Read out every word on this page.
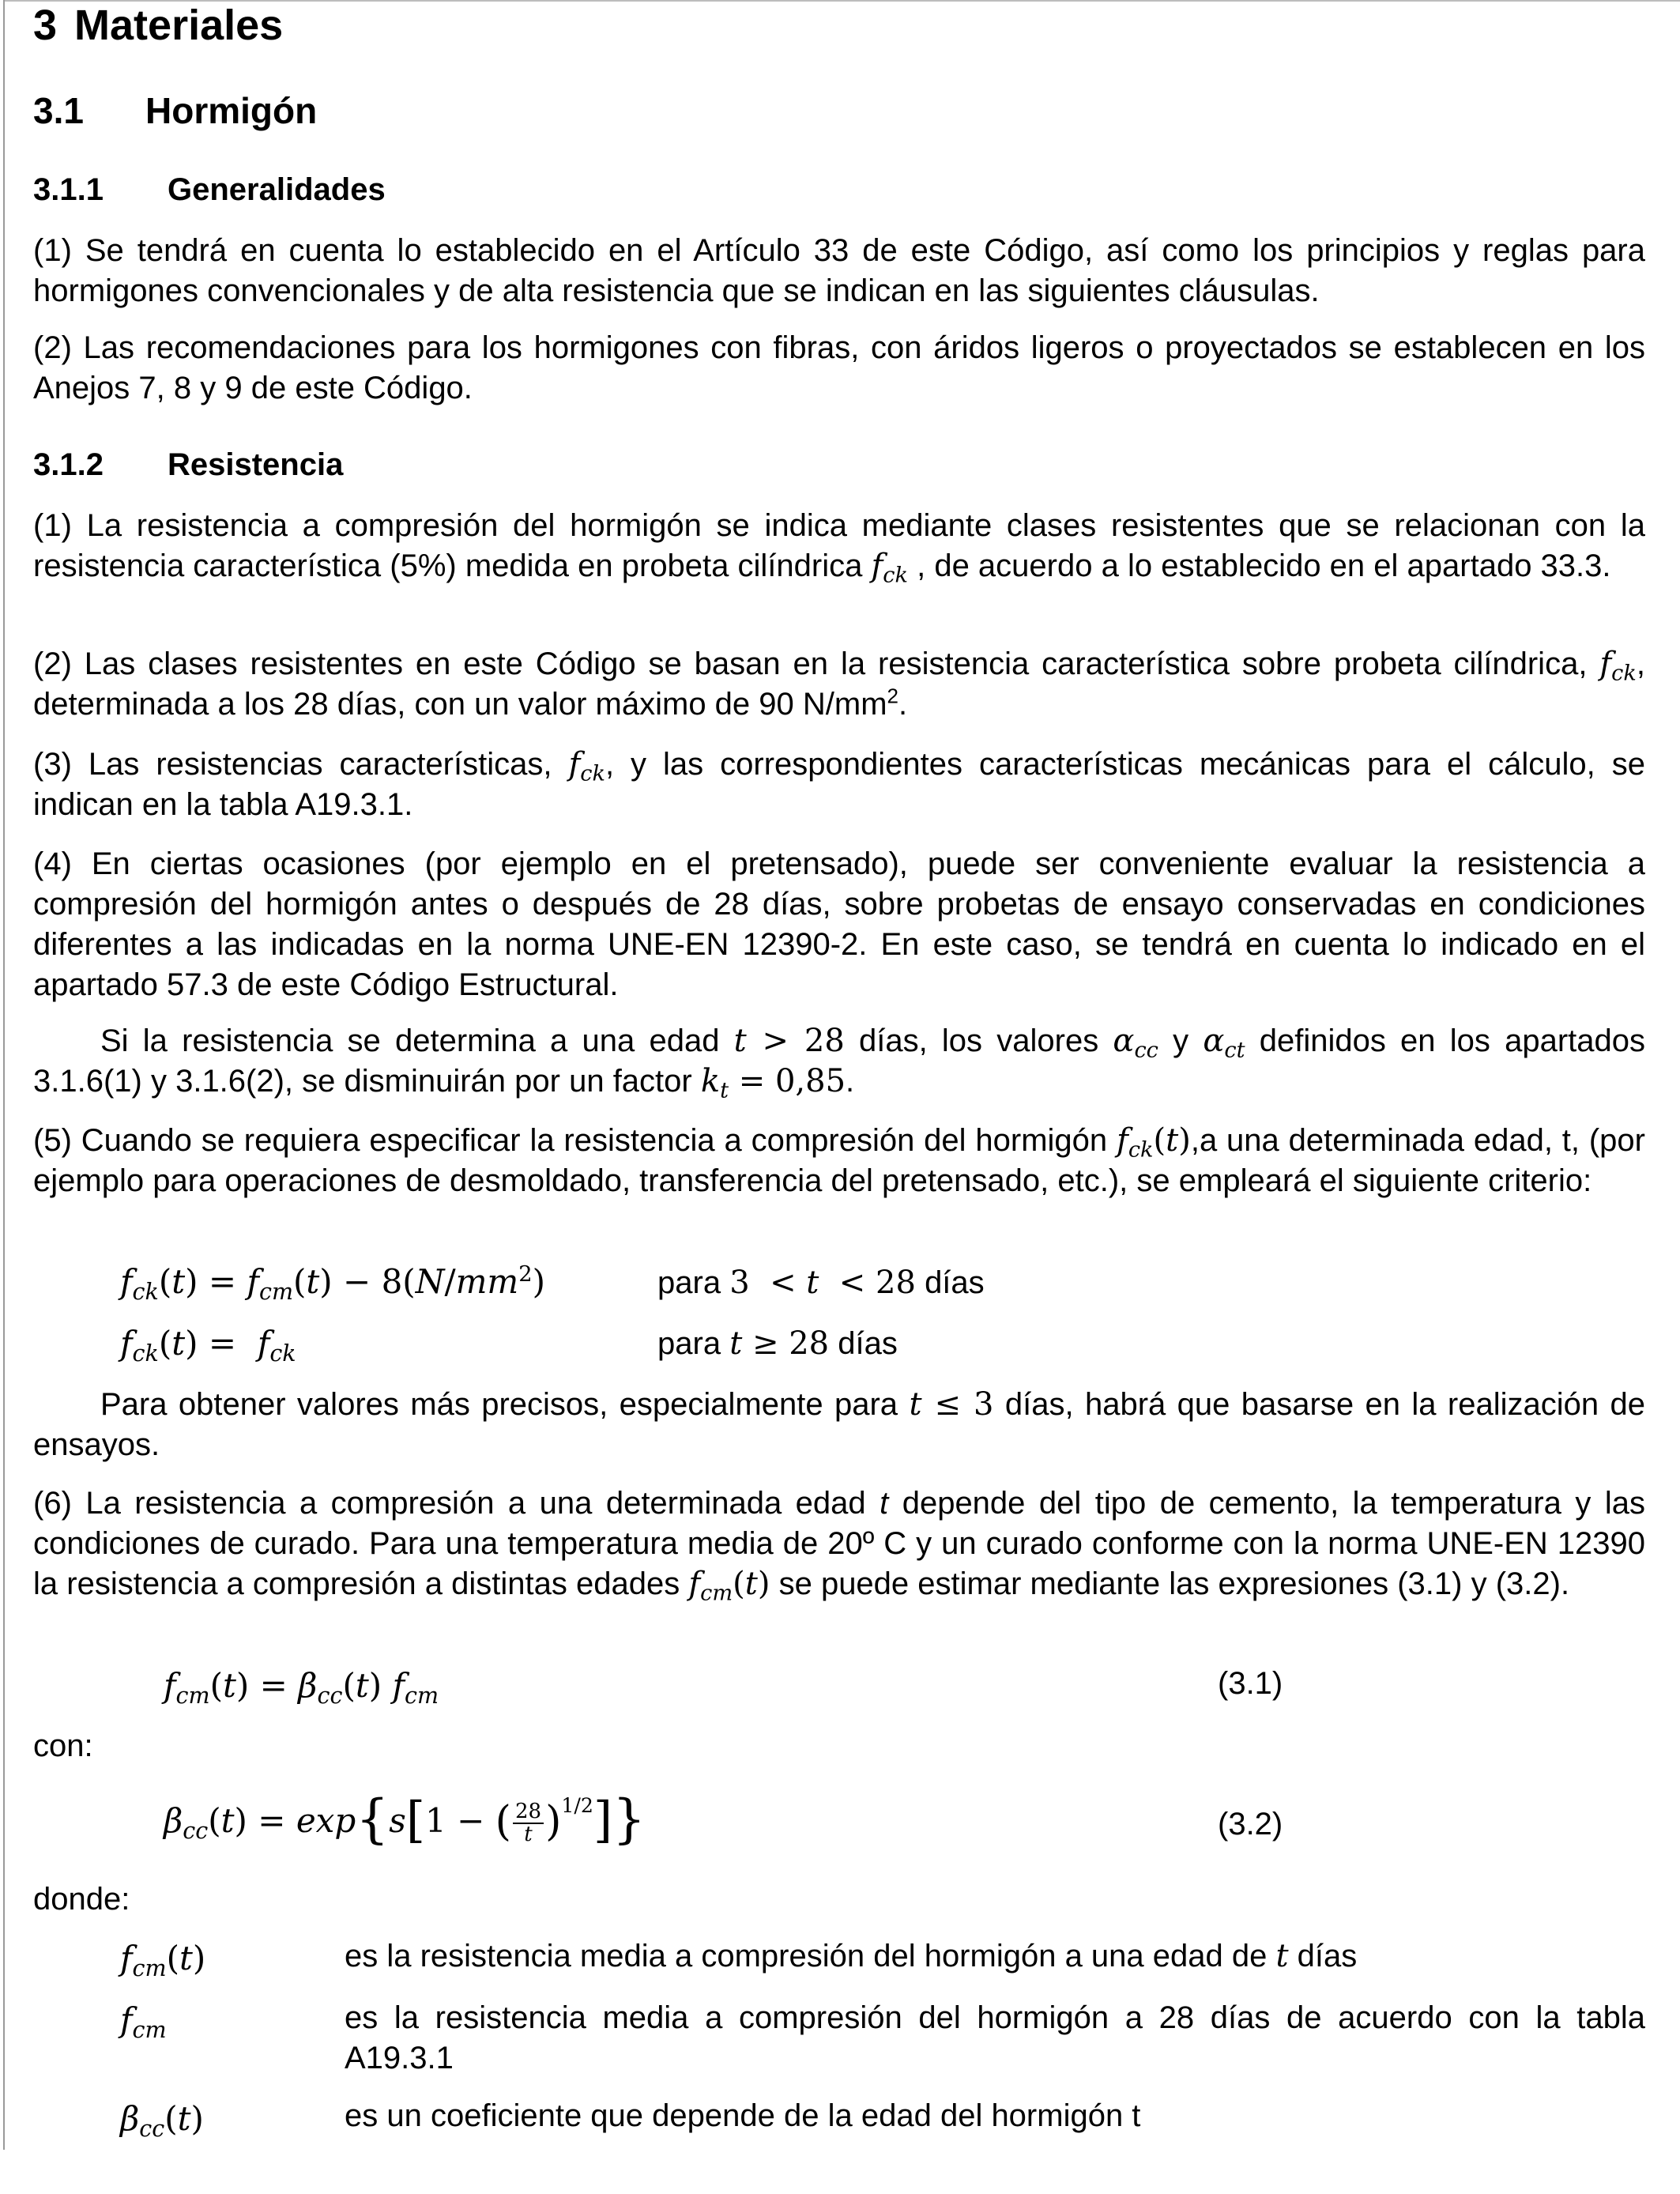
3 Materiales
3.1 Hormigón
3.1.1 Generalidades
(1) Se tendrá en cuenta lo establecido en el Artículo 33 de este Código, así como los principios y reglas para hormigones convencionales y de alta resistencia que se indican en las siguientes cláusulas.
(2) Las recomendaciones para los hormigones con fibras, con áridos ligeros o proyectados se establecen en los Anejos 7, 8 y 9 de este Código.
3.1.2 Resistencia
(1) La resistencia a compresión del hormigón se indica mediante clases resistentes que se relacionan con la resistencia característica (5%) medida en probeta cilíndrica $f_{ck}$ , de acuerdo a lo establecido en el apartado 33.3.
(2) Las clases resistentes en este Código se basan en la resistencia característica sobre probeta cilíndrica, $f_{ck}$, determinada a los 28 días, con un valor máximo de 90 $N/mm^2$.
(3) Las resistencias características, $f_{ck}$, y las correspondientes características mecánicas para el cálculo, se indican en la tabla A19.3.1.
(4) En ciertas ocasiones (por ejemplo en el pretensado), puede ser conveniente evaluar la resistencia a compresión del hormigón antes o después de 28 días, sobre probetas de ensayo conservadas en condiciones diferentes a las indicadas en la norma UNE-EN 12390-2. En este caso, se tendrá en cuenta lo indicado en el apartado 57.3 de este Código Estructural.
Si la resistencia se determina a una edad t > 28 días, los valores $\alpha_{cc}$ y $\alpha_{ct}$ definidos en los apartados 3.1.6(1) y 3.1.6(2), se disminuirán por un factor $k_t = 0,85$.
(5) Cuando se requiera especificar la resistencia a compresión del hormigón $f_{ck}(t),a$ una determinada edad, t, (por ejemplo para operaciones de desmoldado, transferencia del pretensado, etc.), se empleará el siguiente criterio:
$f_{ck}(t) = f_{cm}(t) - 8(N/mm^2)$	para 3  < t  < 28 días
$f_{ck}(t) = f_{ck}$	para t ≥ 28 días
Para obtener valores más precisos, especialmente para t ≤ 3 días, habrá que basarse en la realización de ensayos.
(6) La resistencia a compresión a una determinada edad t depende del tipo de cemento, la temperatura y las condiciones de curado. Para una temperatura media de 20º C y un curado conforme con la norma UNE-EN 12390 la resistencia a compresión a distintas edades $f_{cm}(t)$ se puede estimar mediante las expresiones (3.1) y (3.2).
$f_{cm}(t) = \beta_{cc}(t)$ $f_{cm}$	(3.1)
con:
$\beta_{cc}(t) = \exp\{s[1$ − ( $\frac{28}{t} )^{1/2}$]}	(3.2)
donde:
$f_{cm}(t)$	es la resistencia media a compresión del hormigón a una edad de t días
$f_{cm}$	es la resistencia media a compresión del hormigón a 28 días de acuerdo con la tabla A19.3.1
$\beta_{cc}(t)$	es un coeficiente que depende de la edad del hormigón t
